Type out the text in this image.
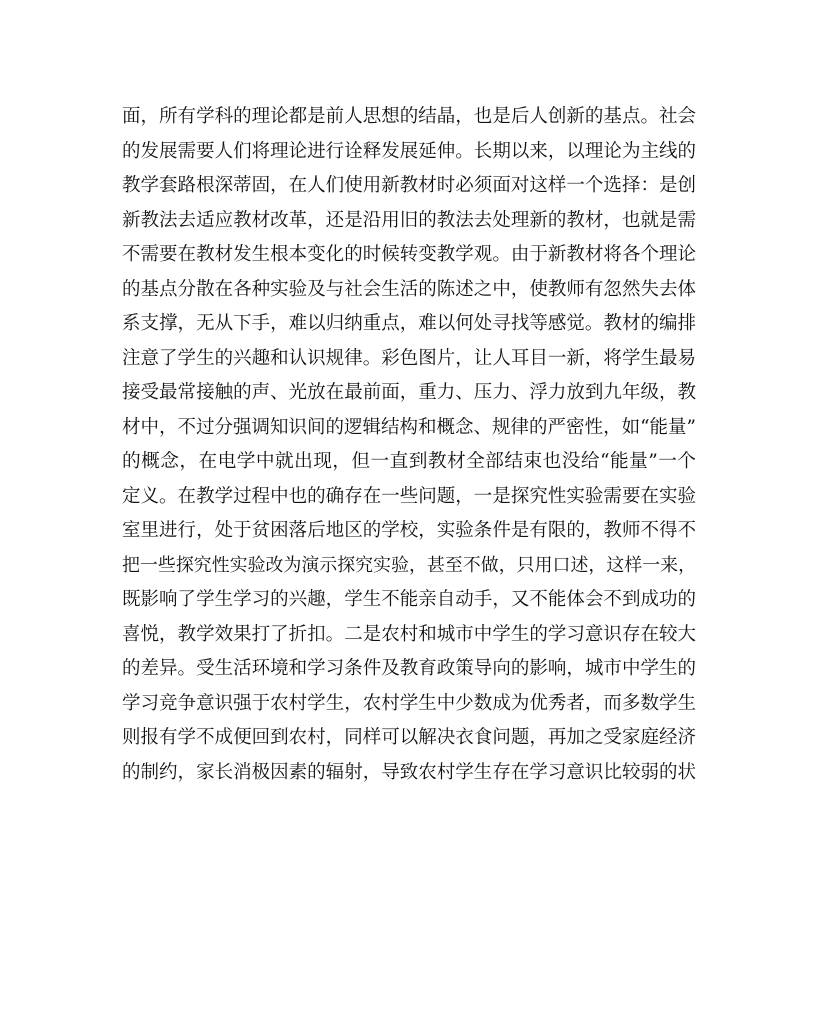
面，所有学科的理论都是前人思想的结晶，也是后人创新的基点。社会
的发展需要人们将理论进行诠释发展延伸。长期以来，以理论为主线的
教学套路根深蒂固，在人们使用新教材时必须面对这样一个选择：是创
新教法去适应教材改革，还是沿用旧的教法去处理新的教材，也就是需
不需要在教材发生根本变化的时候转变教学观。由于新教材将各个理论
的基点分散在各种实验及与社会生活的陈述之中，使教师有忽然失去体
系支撑，无从下手，难以归纳重点，难以何处寻找等感觉。教材的编排
注意了学生的兴趣和认识规律。彩色图片，让人耳目一新，将学生最易
接受最常接触的声、光放在最前面，重力、压力、浮力放到九年级，教
材中，不过分强调知识间的逻辑结构和概念、规律的严密性，如“能量”
的概念，在电学中就出现，但一直到教材全部结束也没给“能量”一个
定义。在教学过程中也的确存在一些问题，一是探究性实验需要在实验
室里进行，处于贫困落后地区的学校，实验条件是有限的，教师不得不
把一些探究性实验改为演示探究实验，甚至不做，只用口述，这样一来，
既影响了学生学习的兴趣，学生不能亲自动手，又不能体会不到成功的
喜悦，教学效果打了折扣。二是农村和城市中学生的学习意识存在较大
的差异。受生活环境和学习条件及教育政策导向的影响，城市中学生的
学习竞争意识强于农村学生，农村学生中少数成为优秀者，而多数学生
则报有学不成便回到农村，同样可以解决衣食问题，再加之受家庭经济
的制约，家长消极因素的辐射，导致农村学生存在学习意识比较弱的状
